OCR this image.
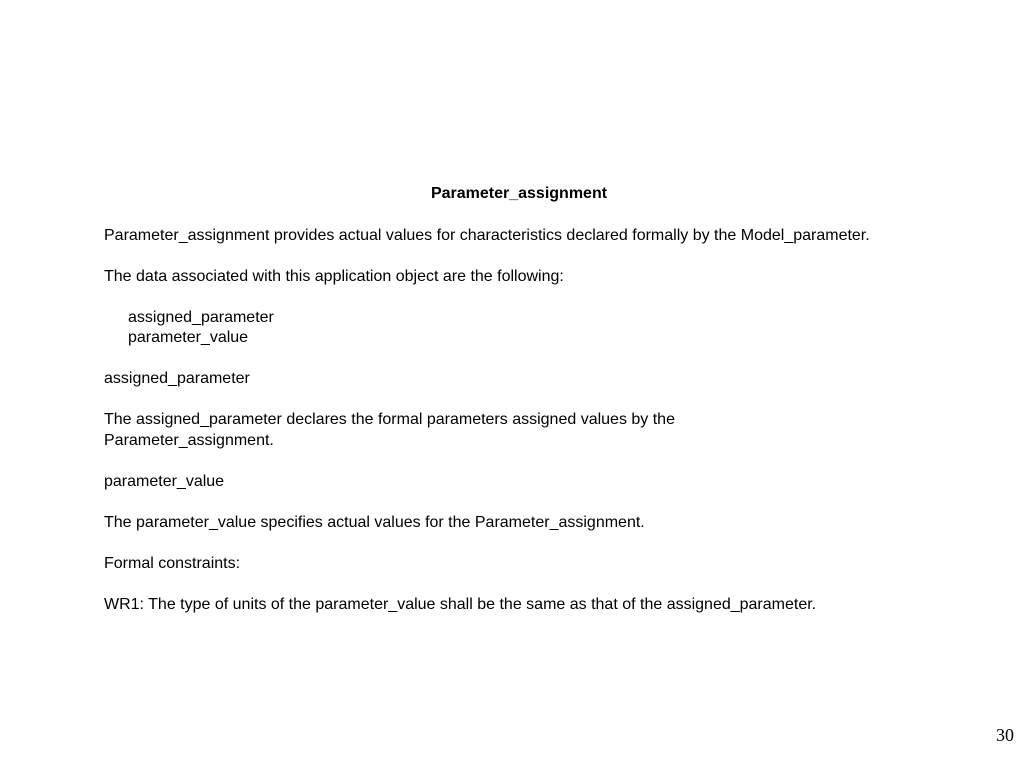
Parameter_assignment
Parameter_assignment provides actual values for characteristics declared formally by the Model_parameter.
The data associated with this application object are the following:
assigned_parameter
parameter_value
assigned_parameter
The assigned_parameter declares the formal parameters assigned values by the
Parameter_assignment.
parameter_value
The parameter_value specifies actual values for the Parameter_assignment.
Formal constraints:
WR1: The type of units of the parameter_value shall be the same as that of the assigned_parameter.
30
